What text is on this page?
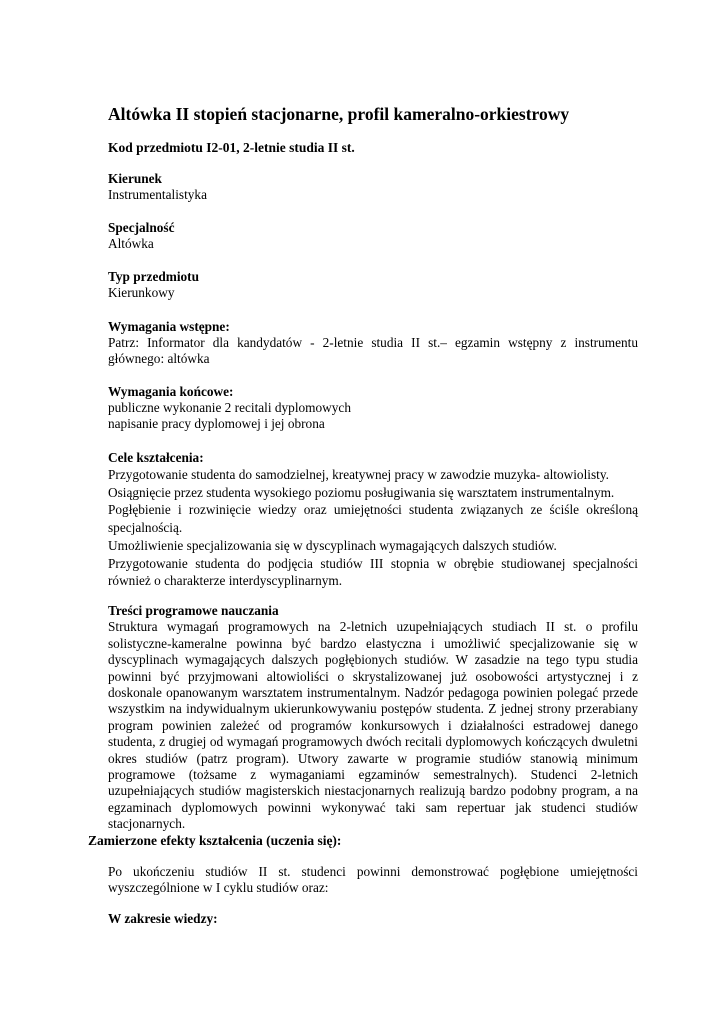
Altówka II stopień stacjonarne, profil kameralno-orkiestrowy
Kod przedmiotu I2-01, 2-letnie studia II st.
Kierunek
Instrumentalistyka
Specjalność
Altówka
Typ przedmiotu
Kierunkowy
Wymagania wstępne:
Patrz: Informator dla kandydatów - 2-letnie studia II st.– egzamin wstępny z instrumentu głównego: altówka
Wymagania końcowe:
publiczne wykonanie 2 recitali dyplomowych
napisanie pracy dyplomowej i jej obrona
Cele kształcenia:
Przygotowanie studenta do samodzielnej, kreatywnej pracy w zawodzie muzyka- altowiolisty.
Osiągnięcie przez studenta wysokiego poziomu posługiwania się warsztatem instrumentalnym.
Pogłębienie i rozwinięcie wiedzy oraz umiejętności studenta związanych ze ściśle określoną specjalnością.
Umożliwienie specjalizowania się w dyscyplinach wymagających dalszych studiów.
Przygotowanie studenta do podjęcia studiów III stopnia w obrębie studiowanej specjalności również o charakterze interdyscyplinarnym.
Treści programowe nauczania
Struktura wymagań programowych na 2-letnich uzupełniających studiach II st. o profilu solistyczne-kameralne powinna być bardzo elastyczna i umożliwić specjalizowanie się w dyscyplinach wymagających dalszych pogłębionych studiów. W zasadzie na tego typu studia powinni być przyjmowani altowioliści o skrystalizowanej już osobowości artystycznej i z doskonale opanowanym warsztatem instrumentalnym. Nadzór pedagoga powinien polegać przede wszystkim na indywidualnym ukierunkowywaniu postępów studenta. Z jednej strony przerabiany program powinien zależeć od programów konkursowych i działalności estradowej danego studenta, z drugiej od wymagań programowych dwóch recitali dyplomowych kończących dwuletni okres studiów (patrz program). Utwory zawarte w programie studiów stanowią minimum programowe (tożsame z wymaganiami egzaminów semestralnych). Studenci 2-letnich uzupełniających studiów magisterskich niestacjonarnych realizują bardzo podobny program, a na egzaminach dyplomowych powinni wykonywać taki sam repertuar jak studenci studiów stacjonarnych.
Zamierzone efekty kształcenia (uczenia się):
Po ukończeniu studiów II st. studenci powinni demonstrować pogłębione umiejętności wyszczególnione w I cyklu studiów oraz:
W zakresie wiedzy:
